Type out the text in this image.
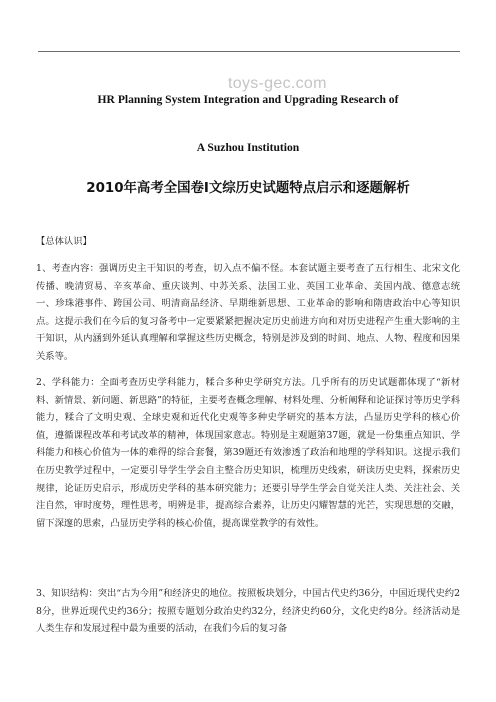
toys-gec.com
HR Planning System Integration and Upgrading Research of
A Suzhou Institution
2010年高考全国卷Ⅰ文综历史试题特点启示和逐题解析
【总体认识】

1、考查内容：强调历史主干知识的考查，切入点不偏不怪。本套试题主要考查了五行相生、北宋文化传播、晚清贸易、辛亥革命、重庆谈判、中苏关系、法国工业、英国工业革命、美国内战、德意志统一、珍珠港事件、跨国公司、明清商品经济、早期维新思想、工业革命的影响和隋唐政治中心等知识点。这提示我们在今后的复习备考中一定要紧紧把握决定历史前进方向和对历史进程产生重大影响的主干知识，从内涵到外延认真理解和掌握这些历史概念，特别是涉及到的时间、地点、人物、程度和因果关系等。

2、学科能力：全面考查历史学科能力，糅合多种史学研究方法。几乎所有的历史试题都体现了“新材料、新情景、新问题、新思路”的特征，主要考查概念理解、材料处理、分析阐释和论证探讨等历史学科能力，糅合了文明史观、全球史观和近代化史观等多种史学研究的基本方法，凸显历史学科的核心价值，遵循课程改革和考试改革的精神，体现国家意志。特别是主观题第37题，就是一份集重点知识、学科能力和核心价值为一体的难得的综合套餐，第39题还有效渗透了政治和地理的学科知识。这提示我们在历史教学过程中，一定要引导学生学会自主整合历史知识，梳理历史线索，研读历史史料，探索历史规律，论证历史启示，形成历史学科的基本研究能力；还要引导学生学会自觉关注人类、关注社会、关注自然，审时度势，理性思考，明辨是非，提高综合素养，让历史闪耀智慧的光芒，实现思想的交融，留下深邃的思索，凸显历史学科的核心价值，提高课堂教学的有效性。

3、知识结构：突出“古为今用”和经济史的地位。按照板块划分，中国古代史约36分，中国近现代史约28分，世界近现代史约36分；按照专题划分政治史约32分，经济史约60分，文化史约8分。经济活动是人类生存和发展过程中最为重要的活动，在我们今后的复习备
